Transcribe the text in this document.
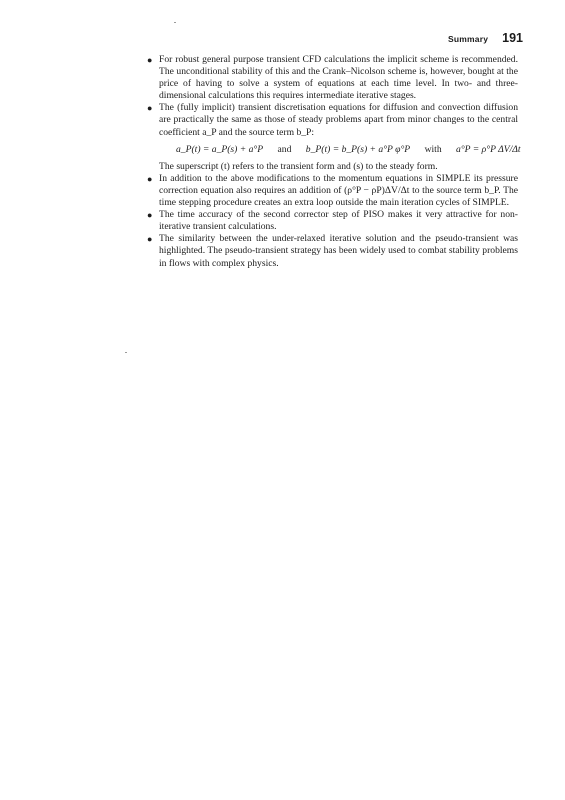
Summary 191

● For robust general purpose transient CFD calculations the implicit scheme is recommended. The unconditional stability of this and the Crank–Nicolson scheme is, however, bought at the price of having to solve a system of equations at each time level. In two- and three-dimensional calculations this requires intermediate iterative stages.

● The (fully implicit) transient discretisation equations for diffusion and convection diffusion are practically the same as those of steady problems apart from minor changes to the central coefficient a_P and the source term b_P:

a_P(t) = a_P(s) + a°P and b_P(t) = b_P(s) + a°P φ°P with a°P = ρ°P ΔV/Δt

The superscript (t) refers to the transient form and (s) to the steady form.

● In addition to the above modifications to the momentum equations in SIMPLE its pressure correction equation also requires an addition of (ρ°P − ρP)ΔV/Δt to the source term b_P. The time stepping procedure creates an extra loop outside the main iteration cycles of SIMPLE.

● The time accuracy of the second corrector step of PISO makes it very attractive for non-iterative transient calculations.

● The similarity between the under-relaxed iterative solution and the pseudo-transient was highlighted. The pseudo-transient strategy has been widely used to combat stability problems in flows with complex physics.
